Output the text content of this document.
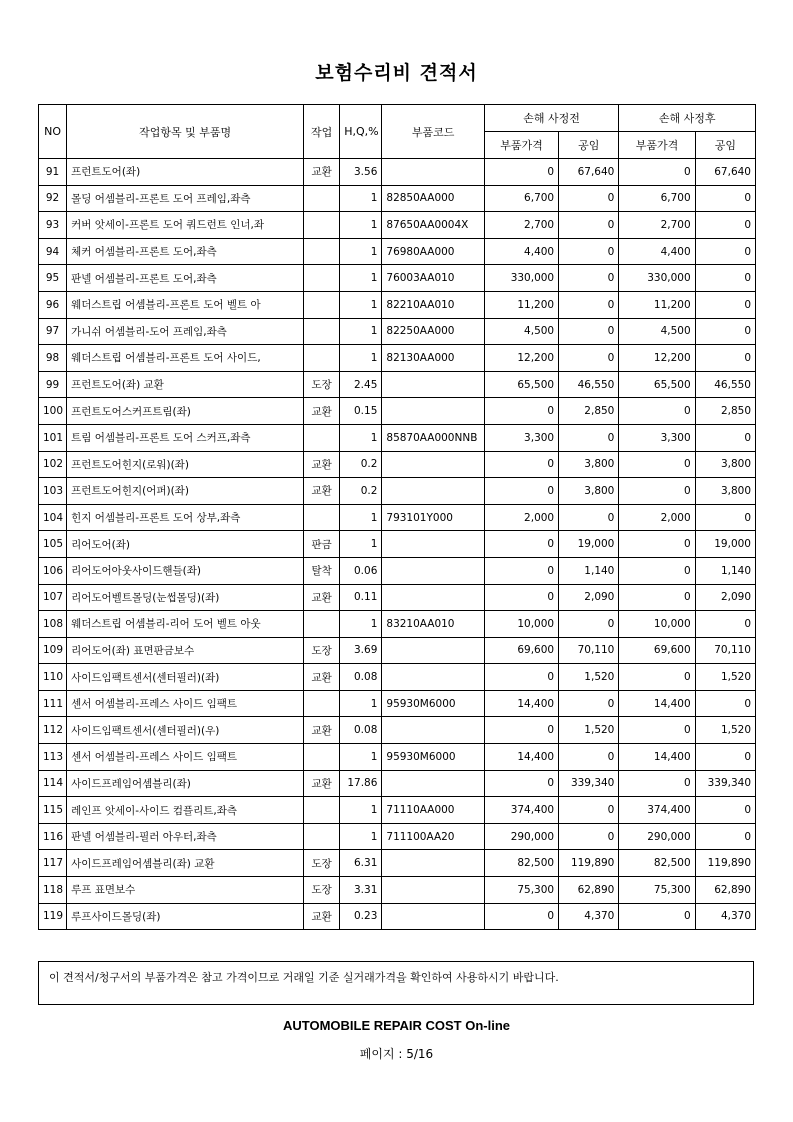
보험수리비 견적서
NO	작업항목 및 부품명	작업	H,Q,%	부품코드	손해 사정전		손해 사정후	
					부품가격	공임	부품가격	공임
91	프런트도어(좌)	교환	3.56		0	67,640	0	67,640
92	몰딩 어셈블리-프론트 도어 프레임,좌측		1	82850AA000	6,700	0	6,700	0
93	커버 앗세이-프론트 도어 쿼드런트 인너,좌		1	87650AA0004X	2,700	0	2,700	0
94	체커 어셈블리-프론트 도어,좌측		1	76980AA000	4,400	0	4,400	0
95	판넬 어셈블리-프론트 도어,좌측		1	76003AA010	330,000	0	330,000	0
96	웨더스트립 어셈블리-프론트 도어 벨트 아		1	82210AA010	11,200	0	11,200	0
97	가니쉬 어셈블리-도어 프레임,좌측		1	82250AA000	4,500	0	4,500	0
98	웨더스트립 어셈블리-프론트 도어 사이드,		1	82130AA000	12,200	0	12,200	0
99	프런트도어(좌) 교환	도장	2.45		65,500	46,550	65,500	46,550
100	프런트도어스커프트림(좌)	교환	0.15		0	2,850	0	2,850
101	트림 어셈블리-프론트 도어 스커프,좌측		1	85870AA000NNB	3,300	0	3,300	0
102	프런트도어힌지(로워)(좌)	교환	0.2		0	3,800	0	3,800
103	프런트도어힌지(어퍼)(좌)	교환	0.2		0	3,800	0	3,800
104	힌지 어셈블리-프론트 도어 상부,좌측		1	793101Y000	2,000	0	2,000	0
105	리어도어(좌)	판금	1		0	19,000	0	19,000
106	리어도어아웃사이드핸들(좌)	탈착	0.06		0	1,140	0	1,140
107	리어도어벨트몰딩(눈썹몰딩)(좌)	교환	0.11		0	2,090	0	2,090
108	웨더스트립 어셈블리-리어 도어 벨트 아웃		1	83210AA010	10,000	0	10,000	0
109	리어도어(좌) 표면판금보수	도장	3.69		69,600	70,110	69,600	70,110
110	사이드임팩트센서(센터필러)(좌)	교환	0.08		0	1,520	0	1,520
111	센서 어셈블리-프레스 사이드 임팩트		1	95930M6000	14,400	0	14,400	0
112	사이드임팩트센서(센터필러)(우)	교환	0.08		0	1,520	0	1,520
113	센서 어셈블리-프레스 사이드 임팩트		1	95930M6000	14,400	0	14,400	0
114	사이드프레임어셈블리(좌)	교환	17.86		0	339,340	0	339,340
115	레인프 앗세이-사이드 컴플리트,좌측		1	71110AA000	374,400	0	374,400	0
116	판넬 어셈블리-필러 아우터,좌측		1	711100AA20	290,000	0	290,000	0
117	사이드프레임어셈블리(좌) 교환	도장	6.31		82,500	119,890	82,500	119,890
118	루프 표면보수	도장	3.31		75,300	62,890	75,300	62,890
119	루프사이드몰딩(좌)	교환	0.23		0	4,370	0	4,370
이 견적서/청구서의 부품가격은 참고 가격이므로 거래일 기준 실거래가격을 확인하여 사용하시기 바랍니다.
AUTOMOBILE REPAIR COST On-line
페이지 : 5/16
